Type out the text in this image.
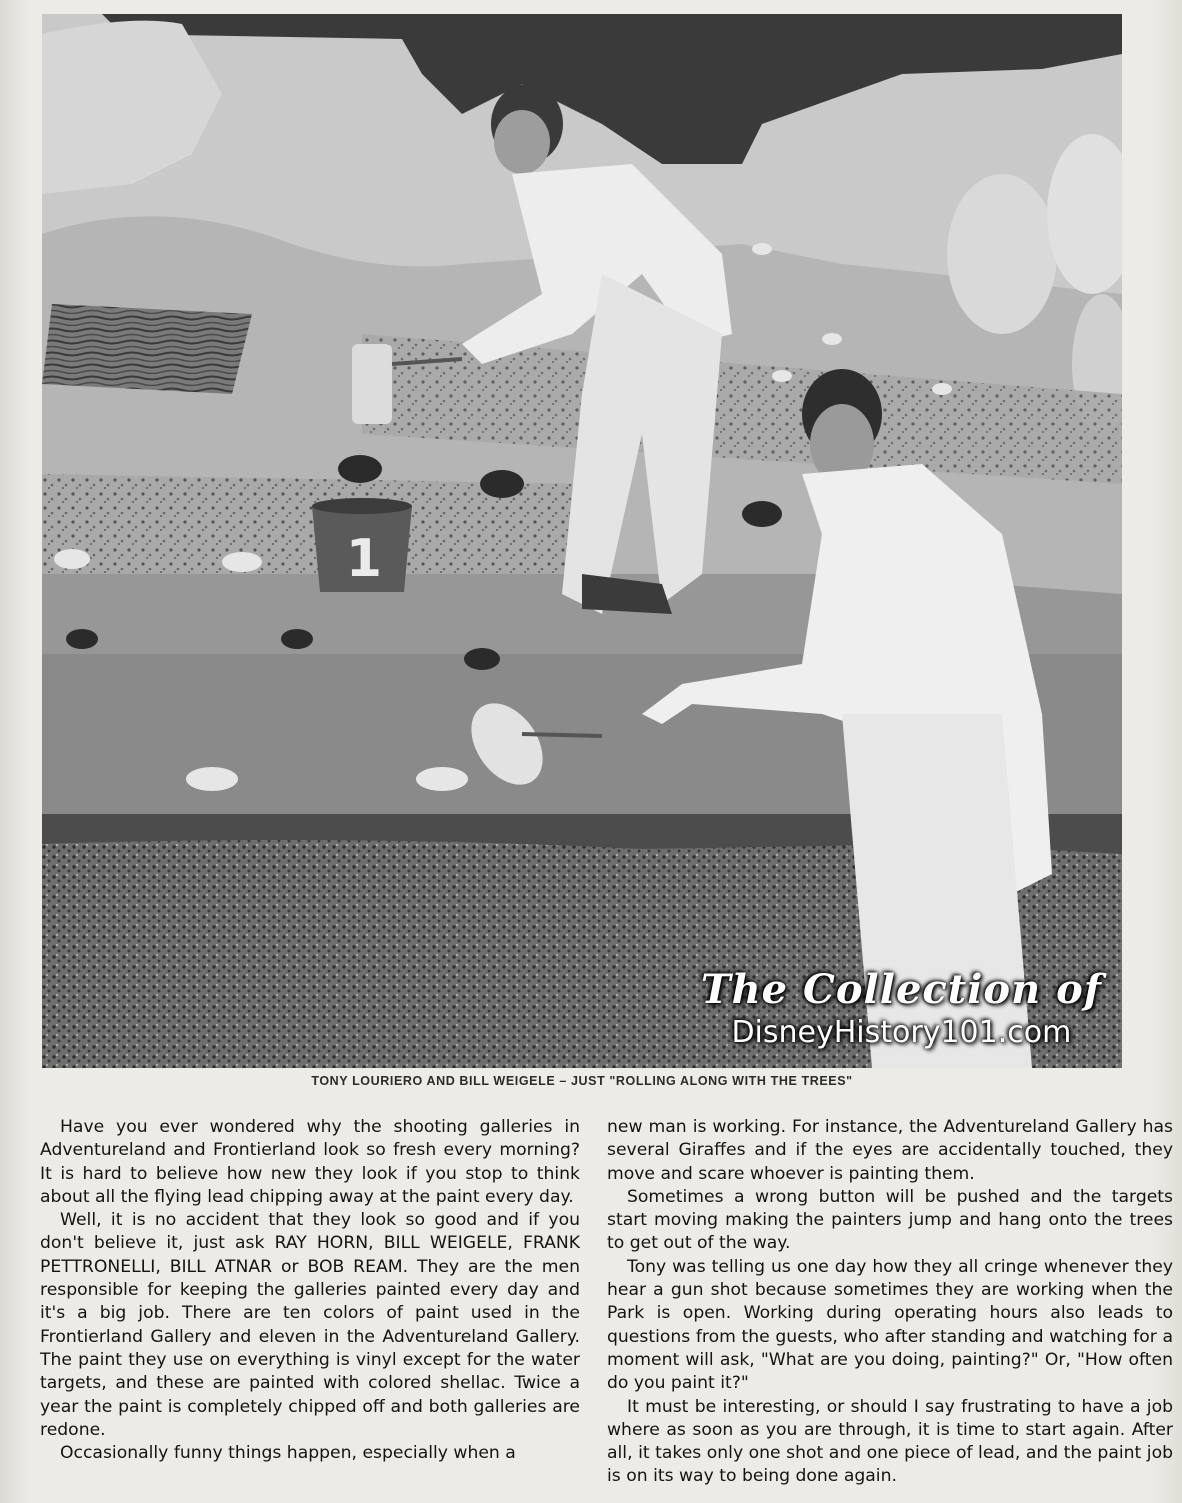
1
The Collection of
DisneyHistory101.com
TONY LOURIERO AND BILL WEIGELE – JUST "ROLLING ALONG WITH THE TREES"

Have you ever wondered why the shooting galleries in Adventureland and Frontierland look so fresh every morning? It is hard to believe how new they look if you stop to think about all the flying lead chipping away at the paint every day.

Well, it is no accident that they look so good and if you don't believe it, just ask RAY HORN, BILL WEIGELE, FRANK PETTRONELLI, BILL ATNAR or BOB REAM. They are the men responsible for keeping the galleries painted every day and it's a big job. There are ten colors of paint used in the Frontierland Gallery and eleven in the Adventureland Gallery. The paint they use on everything is vinyl except for the water targets, and these are painted with colored shellac. Twice a year the paint is completely chipped off and both galleries are redone.

Occasionally funny things happen, especially when a

new man is working. For instance, the Adventureland Gallery has several Giraffes and if the eyes are accidentally touched, they move and scare whoever is painting them.

Sometimes a wrong button will be pushed and the targets start moving making the painters jump and hang onto the trees to get out of the way.

Tony was telling us one day how they all cringe whenever they hear a gun shot because sometimes they are working when the Park is open. Working during operating hours also leads to questions from the guests, who after standing and watching for a moment will ask, "What are you doing, painting?" Or, "How often do you paint it?"

It must be interesting, or should I say frustrating to have a job where as soon as you are through, it is time to start again. After all, it takes only one shot and one piece of lead, and the paint job is on its way to being done again.
